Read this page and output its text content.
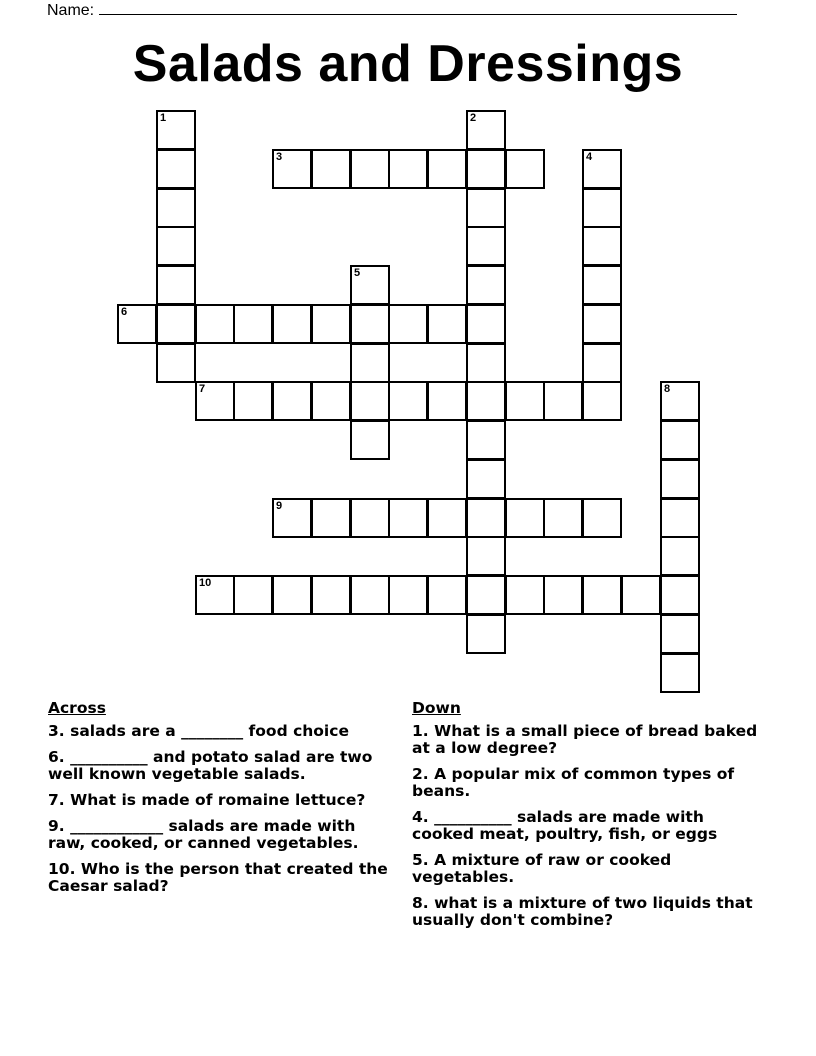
Name:
Salads and Dressings
1
6
2
3	4
5
7	8
9
10
Across
3. salads are a ________ food choice
6. __________ and potato salad are two well known vegetable salads.
7. What is made of romaine lettuce?
9. ____________ salads are made with raw, cooked, or canned vegetables.
10. Who is the person that created the Caesar salad?
Down
1. What is a small piece of bread baked at a low degree?
2. A popular mix of common types of beans.
4. __________ salads are made with cooked meat, poultry, fish, or eggs
5. A mixture of raw or cooked vegetables.
8. what is a mixture of two liquids that usually don't combine?
